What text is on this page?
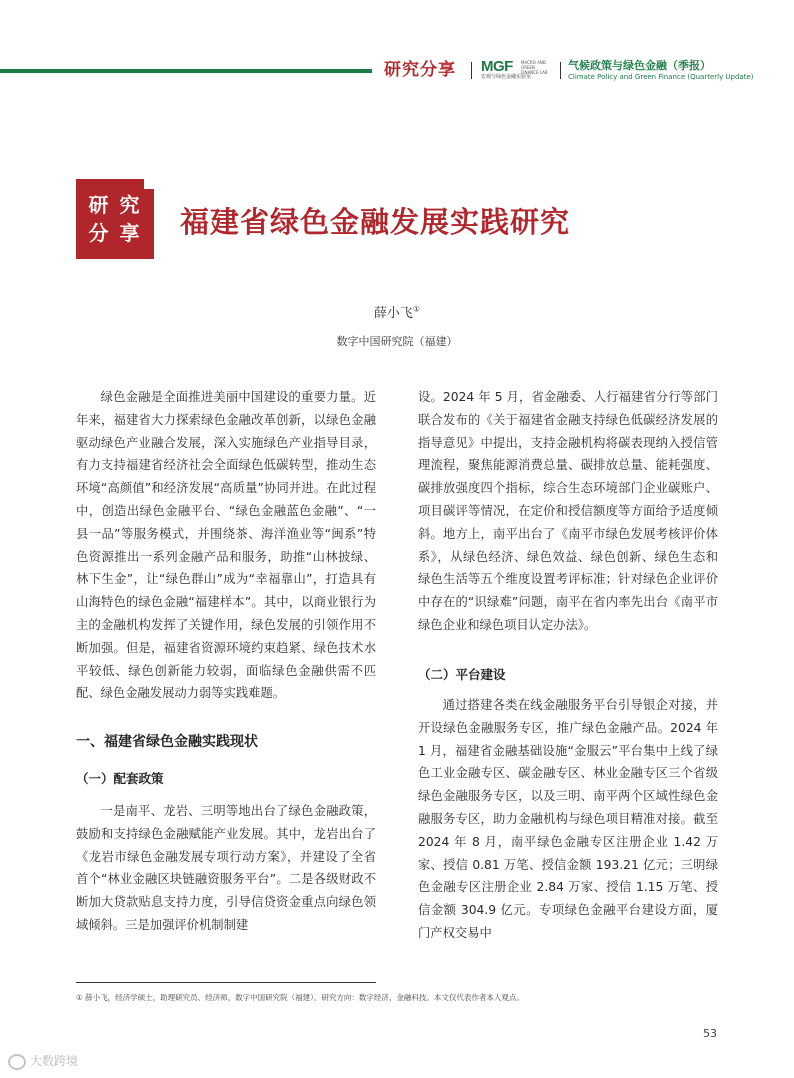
研究分享 MGF	MACRO AND GREEN FINANCE LAB
宏观与绿色金融实验室
气候政策与绿色金融（季报）
Climate Policy and Green Finance (Quarterly Update)
研 究
分 享	福建省绿色金融发展实践研究
薛小飞①
数字中国研究院（福建）

绿色金融是全面推进美丽中国建设的重要力量。近年来，福建省大力探索绿色金融改革创新，以绿色金融驱动绿色产业融合发展，深入实施绿色产业指导目录，有力支持福建省经济社会全面绿色低碳转型，推动生态环境“高颜值”和经济发展“高质量”协同并进。在此过程中，创造出绿色金融平台、“绿色金融蓝色金融”、“一县一品”等服务模式，并围绕茶、海洋渔业等“闽系”特色资源推出一系列金融产品和服务，助推“山林披绿、林下生金”，让“绿色群山”成为“幸福靠山”，打造具有山海特色的绿色金融“福建样本”。其中，以商业银行为主的金融机构发挥了关键作用，绿色发展的引领作用不断加强。但是，福建省资源环境约束趋紧、绿色技术水平较低、绿色创新能力较弱，面临绿色金融供需不匹配、绿色金融发展动力弱等实践难题。

一、福建省绿色金融实践现状
（一）配套政策

一是南平、龙岩、三明等地出台了绿色金融政策，鼓励和支持绿色金融赋能产业发展。其中，龙岩出台了《龙岩市绿色金融发展专项行动方案》，并建设了全省首个“林业金融区块链融资服务平台”。二是各级财政不断加大贷款贴息支持力度，引导信贷资金重点向绿色领域倾斜。三是加强评价机制制建

设。2024 年 5 月，省金融委、人行福建省分行等部门联合发布的《关于福建省金融支持绿色低碳经济发展的指导意见》中提出，支持金融机构将碳表现纳入授信管理流程，聚焦能源消费总量、碳排放总量、能耗强度、碳排放强度四个指标，综合生态环境部门企业碳账户、项目碳评等情况，在定价和授信额度等方面给予适度倾斜。地方上，南平出台了《南平市绿色发展考核评价体系》，从绿色经济、绿色效益、绿色创新、绿色生态和绿色生活等五个维度设置考评标准；针对绿色企业评价中存在的“识绿难”问题，南平在省内率先出台《南平市绿色企业和绿色项目认定办法》。

（二）平台建设

通过搭建各类在线金融服务平台引导银企对接，并开设绿色金融服务专区，推广绿色金融产品。2024 年 1 月，福建省金融基础设施“金服云”平台集中上线了绿色工业金融专区、碳金融专区、林业金融专区三个省级绿色金融服务专区，以及三明、南平两个区域性绿色金融服务专区，助力金融机构与绿色项目精准对接。截至 2024 年 8 月，南平绿色金融专区注册企业 1.42 万家、授信 0.81 万笔、授信金额 193.21 亿元；三明绿色金融专区注册企业 2.84 万家、授信 1.15 万笔、授信金额 304.9 亿元。专项绿色金融平台建设方面，厦门产权交易中

① 薛小飞，经济学硕士，助理研究员、经济师，数字中国研究院（福建）。研究方向：数字经济、金融科技。本文仅代表作者本人观点。
53
大数跨境
